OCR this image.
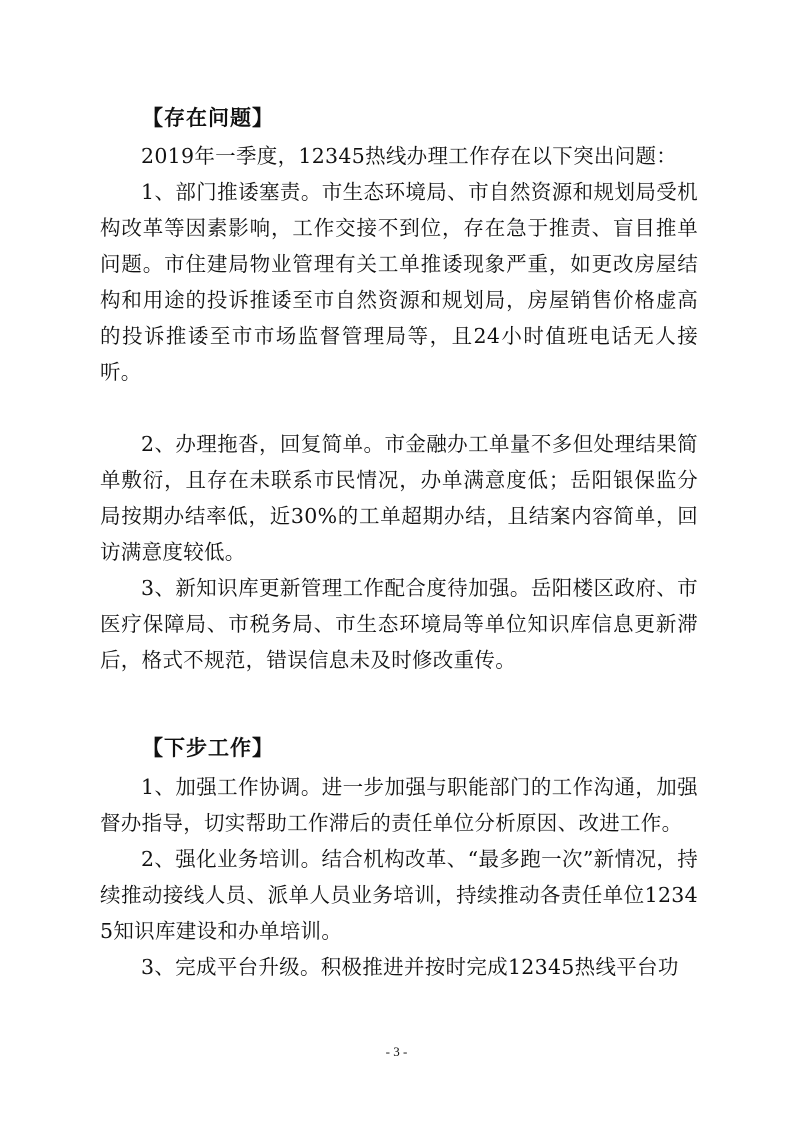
【存在问题】

2019年一季度，12345热线办理工作存在以下突出问题：

1、部门推诿塞责。市生态环境局、市自然资源和规划局受机构改革等因素影响，工作交接不到位，存在急于推责、盲目推单问题。市住建局物业管理有关工单推诿现象严重，如更改房屋结构和用途的投诉推诿至市自然资源和规划局，房屋销售价格虚高的投诉推诿至市市场监督管理局等，且24小时值班电话无人接听。

2、办理拖沓，回复简单。市金融办工单量不多但处理结果简单敷衍，且存在未联系市民情况，办单满意度低；岳阳银保监分局按期办结率低，近30%的工单超期办结，且结案内容简单，回访满意度较低。

3、新知识库更新管理工作配合度待加强。岳阳楼区政府、市医疗保障局、市税务局、市生态环境局等单位知识库信息更新滞后，格式不规范，错误信息未及时修改重传。

【下步工作】

1、加强工作协调。进一步加强与职能部门的工作沟通，加强督办指导，切实帮助工作滞后的责任单位分析原因、改进工作。

2、强化业务培训。结合机构改革、“最多跑一次”新情况，持续推动接线人员、派单人员业务培训，持续推动各责任单位12345知识库建设和办单培训。

3、完成平台升级。积极推进并按时完成12345热线平台功

- 3 -
